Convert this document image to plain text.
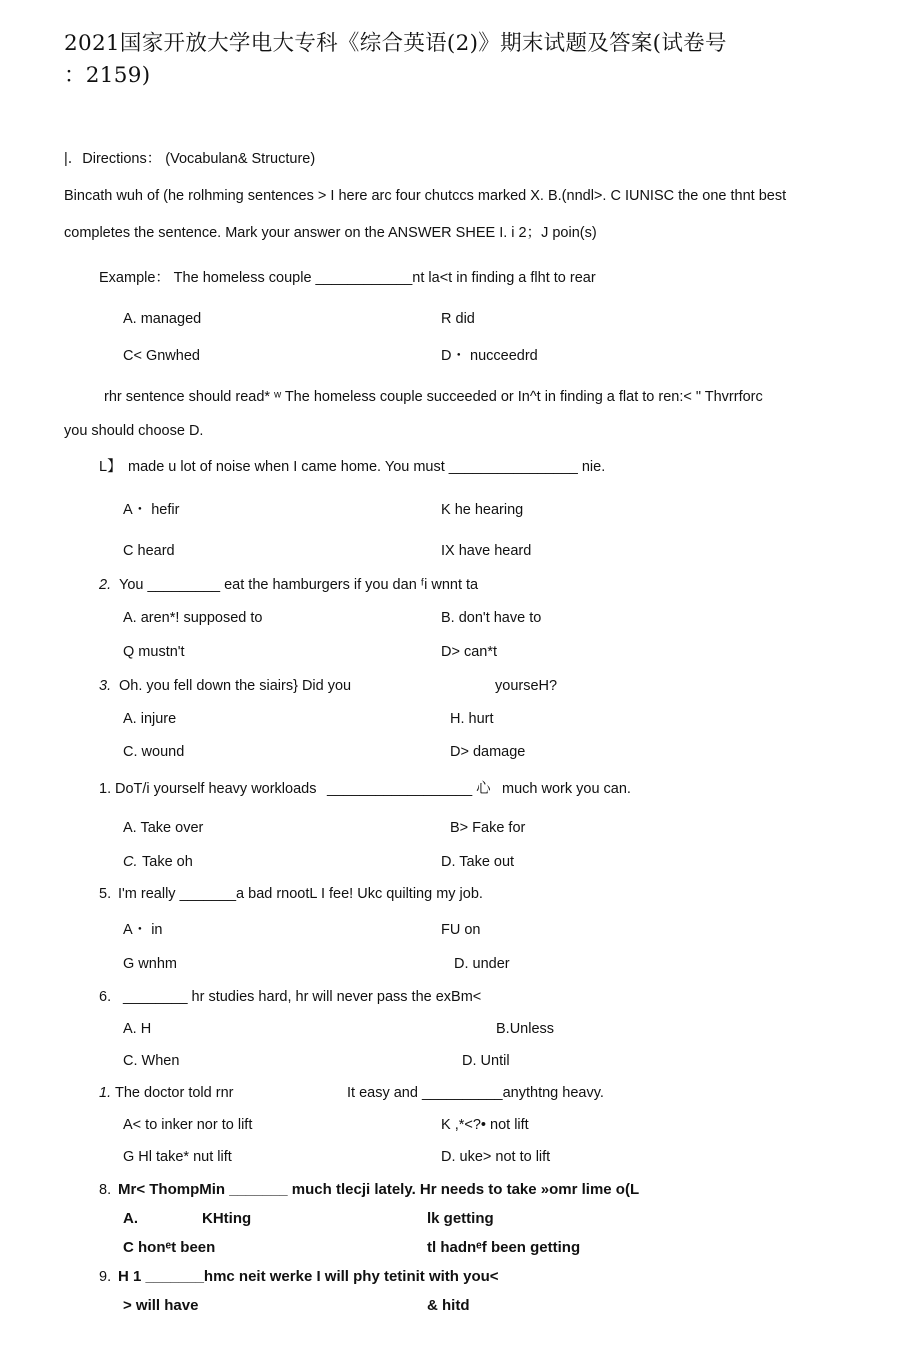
2021国家开放大学电大专科《综合英语(2)》期末试题及答案(试卷号
：2159)
|．Directions： (Vocabulan& Structure)
Bincath wuh of (he rolhming sentences > I here arc four chutccs marked X. B.(nndl>. C IUNISC the one thnt best
completes the sentence. Mark your answer on the ANSWER SHEE I. i 2；J poin(s)
Example： The homeless couple ____________nt la<t in finding a flht to rear
A. managed	R did
C< Gnwhed	D・ nucceedrd
rhr sentence should read* ʷ The homeless couple succeeded or In^t in finding a flat to ren:< " Thvrrforc
you should choose D.
L】 made u lot of noise when I came home. You must ________________ nie.
A・ hefir	K he hearing
C heard	IX have heard
2. You _________ eat the hamburgers if you dan ᶠi wnnt ta
A. aren*! supposed to	B. don't have to
Q mustn't	D> can*t
3. Oh. you fell down the siairs} Did you	yourseH?
A. injure	H. hurt
C. wound	D> damage
1. DoT/i yourself heavy workloads __________________ 心 much work you can.
A. Take over	B> Fake for
C. Take oh	D. Take out
5. I'm really _______a bad rnootL I fee! Ukc quilting my job.
A・ in	FU on
G wnhm	D. under
6. ________ hr studies hard, hr will never pass the exBm<
A. H	B.Unless
C. When	D. Until
1. The doctor told rnr	It easy and __________anythtng heavy.
A< to inker nor to lift	K ,*<?• not lift
G Hl take* nut lift	D. uke> not to lift
8. Mr< ThompMin _______ much tlecji lately. Hr needs to take »omr lime o(L
A.	KHting	lk getting
C honᵉt been	tl hadnᵉf been getting
9. H 1 _______hmc neit werke I will phy tetinit with you<
> will have	& hitd
